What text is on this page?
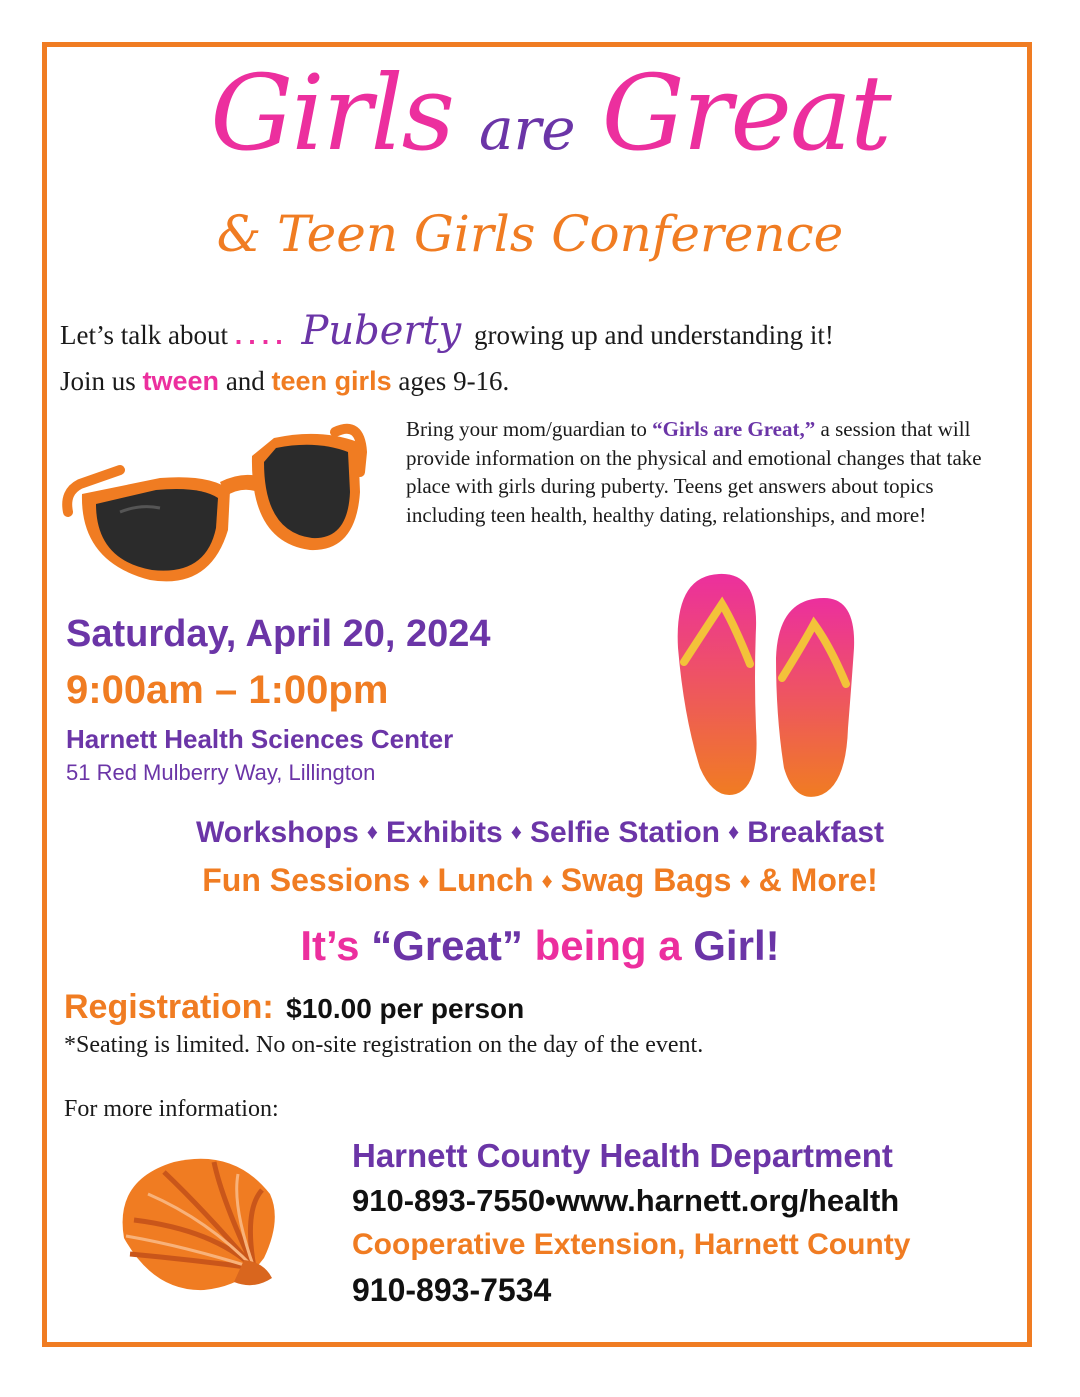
Girls are Great
& Teen Girls Conference
Let’s talk about .... Puberty growing up and understanding it!
Join us tween and teen girls ages 9-16.
Bring your mom/guardian to “Girls are Great,” a session that will provide information on the physical and emotional changes that take place with girls during puberty. Teens get answers about topics including teen health, healthy dating, relationships, and more!
Saturday, April 20, 2024
9:00am – 1:00pm
Harnett Health Sciences Center
51 Red Mulberry Way, Lillington
Workshops ♦ Exhibits ♦ Selfie Station ♦ Breakfast
Fun Sessions ♦ Lunch ♦ Swag Bags ♦ & More!
It’s “Great” being a Girl!
Registration: $10.00 per person
*Seating is limited. No on-site registration on the day of the event.
For more information:
Harnett County Health Department
910-893-7550•www.harnett.org/health
Cooperative Extension, Harnett County
910-893-7534
